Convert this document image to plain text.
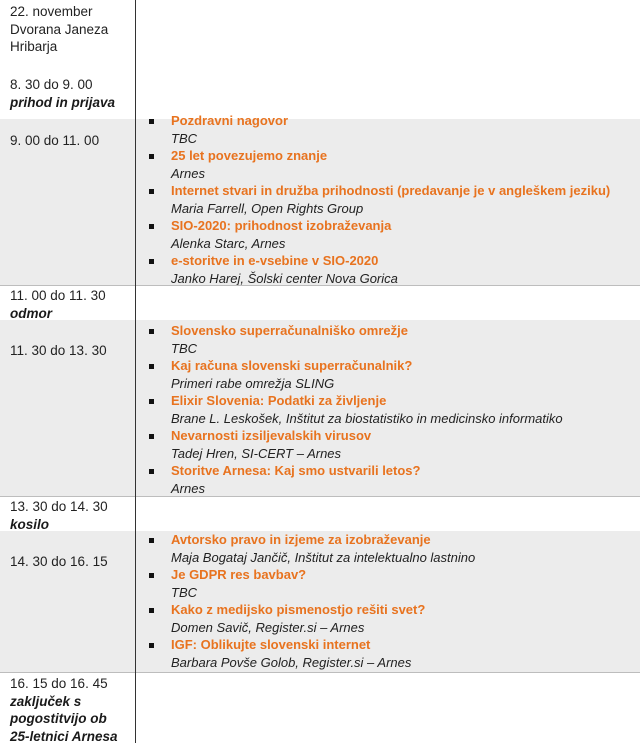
22. november
Dvorana Janeza
Hribarja
8. 30 do 9. 00
prihod in prijava
9. 00 do 11. 00
Pozdravni nagovor
TBC
25 let povezujemo znanje
Arnes
Internet stvari in družba prihodnosti (predavanje je v angleškem jeziku)
Maria Farrell, Open Rights Group
SIO-2020: prihodnost izobraževanja
Alenka Starc, Arnes
e-storitve in e-vsebine v SIO-2020
Janko Harej, Šolski center Nova Gorica
11. 00 do 11. 30
odmor
11. 30 do 13. 30
Slovensko superračunalniško omrežje
TBC
Kaj računa slovenski superračunalnik?
Primeri rabe omrežja SLING
Elixir Slovenia: Podatki za življenje
Brane L. Leskošek, Inštitut za biostatistiko in medicinsko informatiko
Nevarnosti izsiljevalskih virusov
Tadej Hren, SI-CERT – Arnes
Storitve Arnesa: Kaj smo ustvarili letos?
Arnes
13. 30 do 14. 30
kosilo
14. 30 do 16. 15
Avtorsko pravo in izjeme za izobraževanje
Maja Bogataj Jančič, Inštitut za intelektualno lastnino
Je GDPR res bavbav?
TBC
Kako z medijsko pismenostjo rešiti svet?
Domen Savič, Register.si – Arnes
IGF: Oblikujte slovenski internet
Barbara Povše Golob, Register.si – Arnes
16. 15 do 16. 45
zaključek s pogostitvijo ob 25-letnici Arnesa
